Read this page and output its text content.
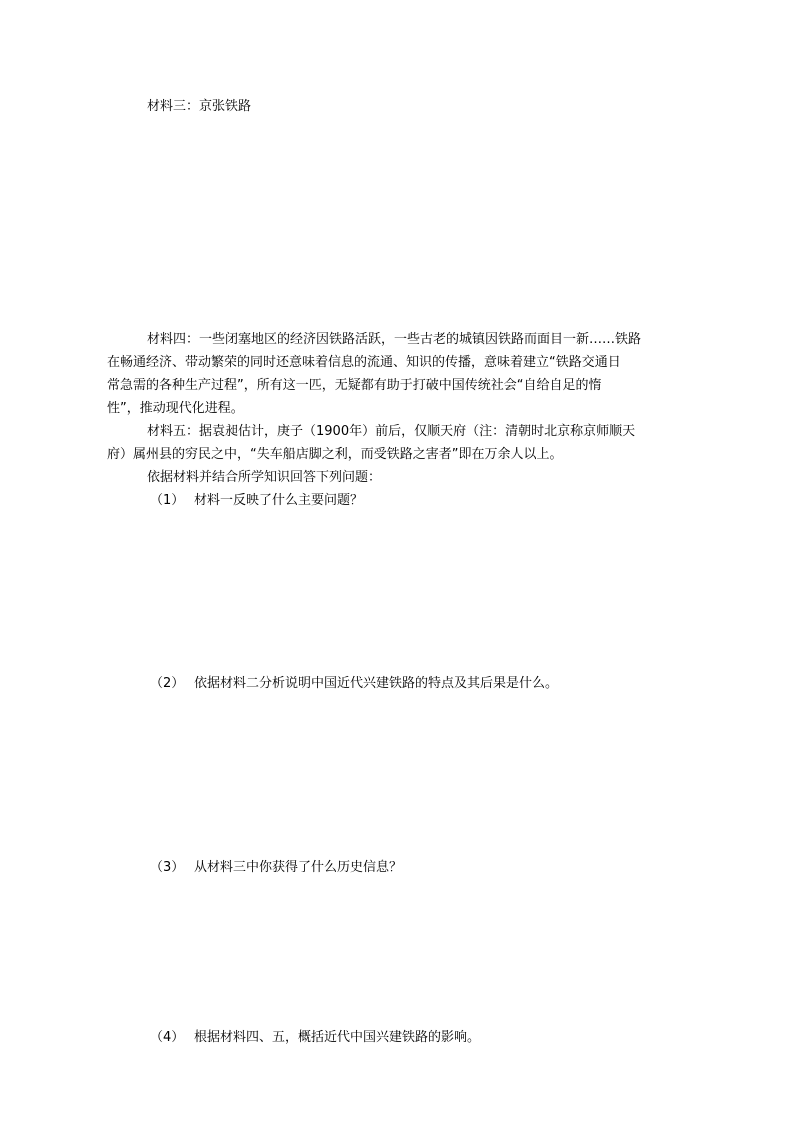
材料三：京张铁路
材料四：一些闭塞地区的经济因铁路活跃，一些古老的城镇因铁路而面目一新……铁路
在畅通经济、带动繁荣的同时还意味着信息的流通、知识的传播，意味着建立“铁路交通日
常急需的各种生产过程”，所有这一匹，无疑都有助于打破中国传统社会“自给自足的惰
性”，推动现代化进程。
材料五：据袁昶估计，庚子（1900年）前后，仅顺天府（注：清朝时北京称京师顺天
府）属州县的穷民之中，“失车船店脚之利，而受铁路之害者”即在万余人以上。
依据材料并结合所学知识回答下列问题：
（1） 材料一反映了什么主要问题？
（2） 依据材料二分析说明中国近代兴建铁路的特点及其后果是什么。
（3） 从材料三中你获得了什么历史信息？
（4） 根据材料四、五，概括近代中国兴建铁路的影响。
